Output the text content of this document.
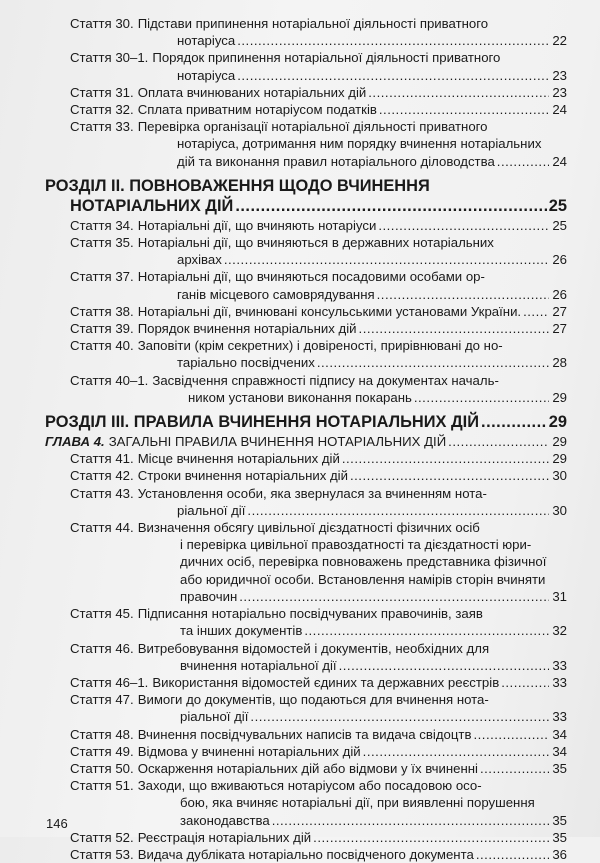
Стаття 30. Підстави припинення нотаріальної діяльності приватного
нотаріуса .....	22
Стаття 30–1. Порядок припинення нотаріальної діяльності приватного
нотаріуса .....	23
Стаття 31. Оплата вчинюваних нотаріальних дій .....	23
Стаття 32. Сплата приватним нотаріусом податків .....	24
Стаття 33. Перевірка організації нотаріальної діяльності приватного
нотаріуса, дотримання ним порядку вчинення нотаріальних
дій та виконання правил нотаріального діловодства .....	24
РОЗДІЛ ІІ. ПОВНОВАЖЕННЯ ЩОДО ВЧИНЕННЯ
НОТАРІАЛЬНИХ ДІЙ .....	25
Стаття 34. Нотаріальні дії, що вчиняють нотаріуси .....	25
Стаття 35. Нотаріальні дії, що вчиняються в державних нотаріальних
архівах .....	26
Стаття 37. Нотаріальні дії, що вчиняються посадовими особами ор-
ганів місцевого самоврядування .....	26
Стаття 38. Нотаріальні дії, вчинювані консульськими установами України. ..... 27
Стаття 39. Порядок вчинення нотаріальних дій .....	27
Стаття 40. Заповіти (крім секретних) і довіреності, прирівнювані до но-
таріально посвідчених .....	28
Стаття 40–1. Засвідчення справжності підпису на документах началь-
ником установи виконання покарань .....	29
РОЗДІЛ ІІІ. ПРАВИЛА ВЧИНЕННЯ НОТАРІАЛЬНИХ ДІЙ .....	29
ГЛАВА 4. ЗАГАЛЬНІ ПРАВИЛА ВЧИНЕННЯ НОТАРІАЛЬНИХ ДІЙ .....	29
Стаття 41. Місце вчинення нотаріальних дій .....	29
Стаття 42. Строки вчинення нотаріальних дій .....	30
Стаття 43. Установлення особи, яка звернулася за вчиненням нота-
ріальної дії .....	30
Стаття 44. Визначення обсягу цивільної дієздатності фізичних осіб
і перевірка цивільної правоздатності та дієздатності юри-
дичних осіб, перевірка повноважень представника фізичної
або юридичної особи. Встановлення намірів сторін вчиняти
правочин .....	31
Стаття 45. Підписання нотаріально посвідчуваних правочинів, заяв
та інших документів .....	32
Стаття 46. Витребовування відомостей і документів, необхідних для
вчинення нотаріальної дії .....	33
Стаття 46–1. Використання відомостей єдиних та державних реєстрів .....	33
Стаття 47. Вимоги до документів, що подаються для вчинення нота-
ріальної дії .....	33
Стаття 48. Вчинення посвідчувальних написів та видача свідоцтв .....	34
Стаття 49. Відмова у вчиненні нотаріальних дій .....	34
Стаття 50. Оскарження нотаріальних дій або відмови у їх вчиненні .....	35
Стаття 51. Заходи, що вживаються нотаріусом або посадовою осо-
бою, яка вчиняє нотаріальні дії, при виявленні порушення
законодавства .....	35
Стаття 52. Реєстрація нотаріальних дій .....	35
Стаття 53. Видача дубліката нотаріально посвідченого документа .....	36
146
